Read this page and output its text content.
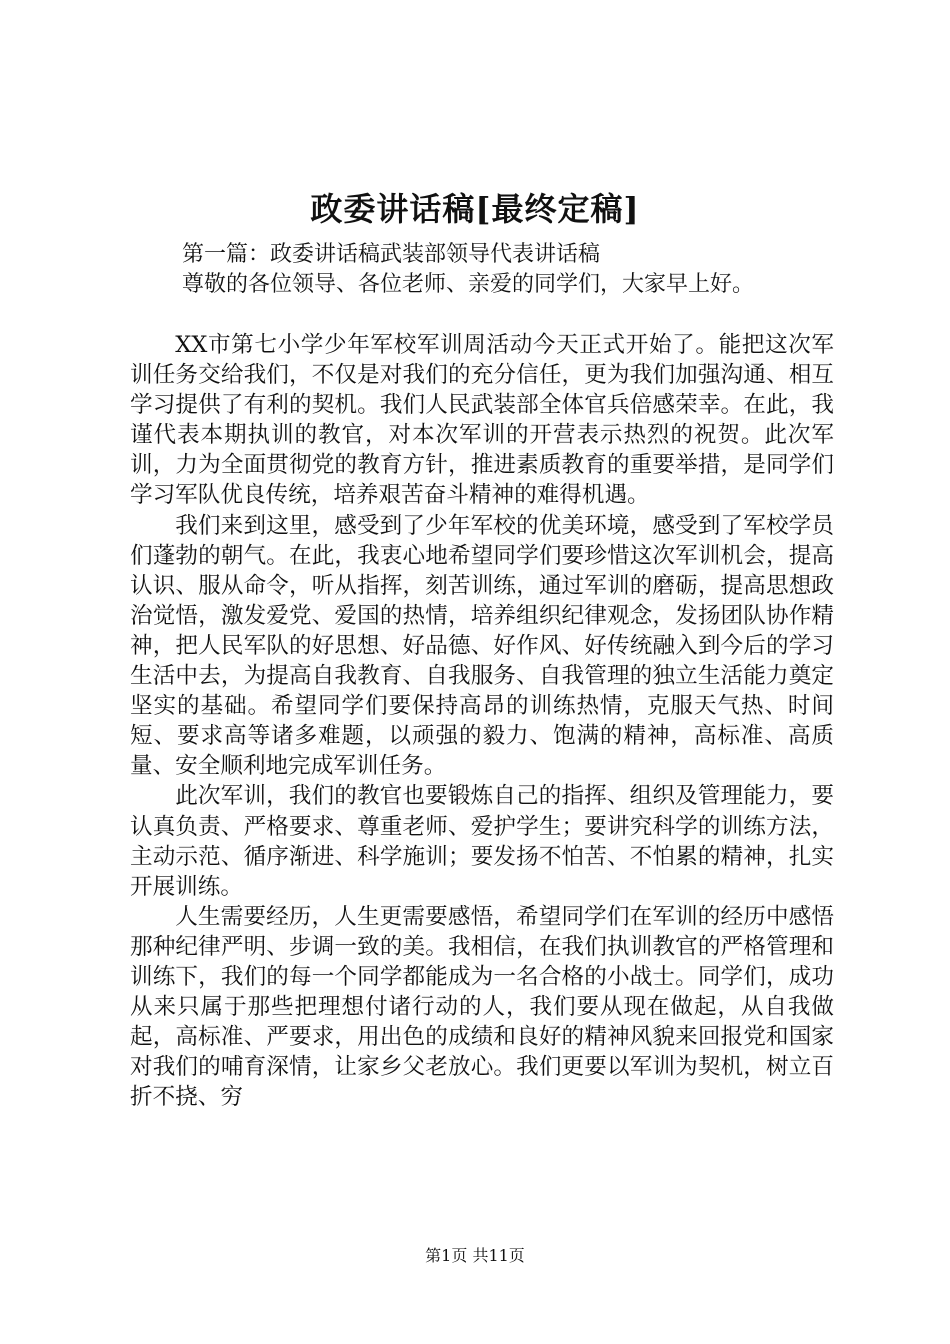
政委讲话稿[最终定稿]
第一篇：政委讲话稿武装部领导代表讲话稿
尊敬的各位领导、各位老师、亲爱的同学们，大家早上好。

XX市第七小学少年军校军训周活动今天正式开始了。能把这次军训任务交给我们，不仅是对我们的充分信任，更为我们加强沟通、相互学习提供了有利的契机。我们人民武装部全体官兵倍感荣幸。在此，我谨代表本期执训的教官，对本次军训的开营表示热烈的祝贺。此次军训，力为全面贯彻党的教育方针，推进素质教育的重要举措，是同学们学习军队优良传统，培养艰苦奋斗精神的难得机遇。

我们来到这里，感受到了少年军校的优美环境，感受到了军校学员们蓬勃的朝气。在此，我衷心地希望同学们要珍惜这次军训机会，提高认识、服从命令，听从指挥，刻苦训练，通过军训的磨砺，提高思想政治觉悟，激发爱党、爱国的热情，培养组织纪律观念，发扬团队协作精神，把人民军队的好思想、好品德、好作风、好传统融入到今后的学习生活中去，为提高自我教育、自我服务、自我管理的独立生活能力奠定坚实的基础。希望同学们要保持高昂的训练热情，克服天气热、时间短、要求高等诸多难题，以顽强的毅力、饱满的精神，高标准、高质量、安全顺利地完成军训任务。

此次军训，我们的教官也要锻炼自己的指挥、组织及管理能力，要认真负责、严格要求、尊重老师、爱护学生；要讲究科学的训练方法，主动示范、循序渐进、科学施训；要发扬不怕苦、不怕累的精神，扎实开展训练。

人生需要经历，人生更需要感悟，希望同学们在军训的经历中感悟那种纪律严明、步调一致的美。我相信，在我们执训教官的严格管理和训练下，我们的每一个同学都能成为一名合格的小战士。同学们，成功从来只属于那些把理想付诸行动的人，我们要从现在做起，从自我做起，高标准、严要求，用出色的成绩和良好的精神风貌来回报党和国家对我们的哺育深情，让家乡父老放心。我们更要以军训为契机，树立百折不挠、穷

第1页 共11页
